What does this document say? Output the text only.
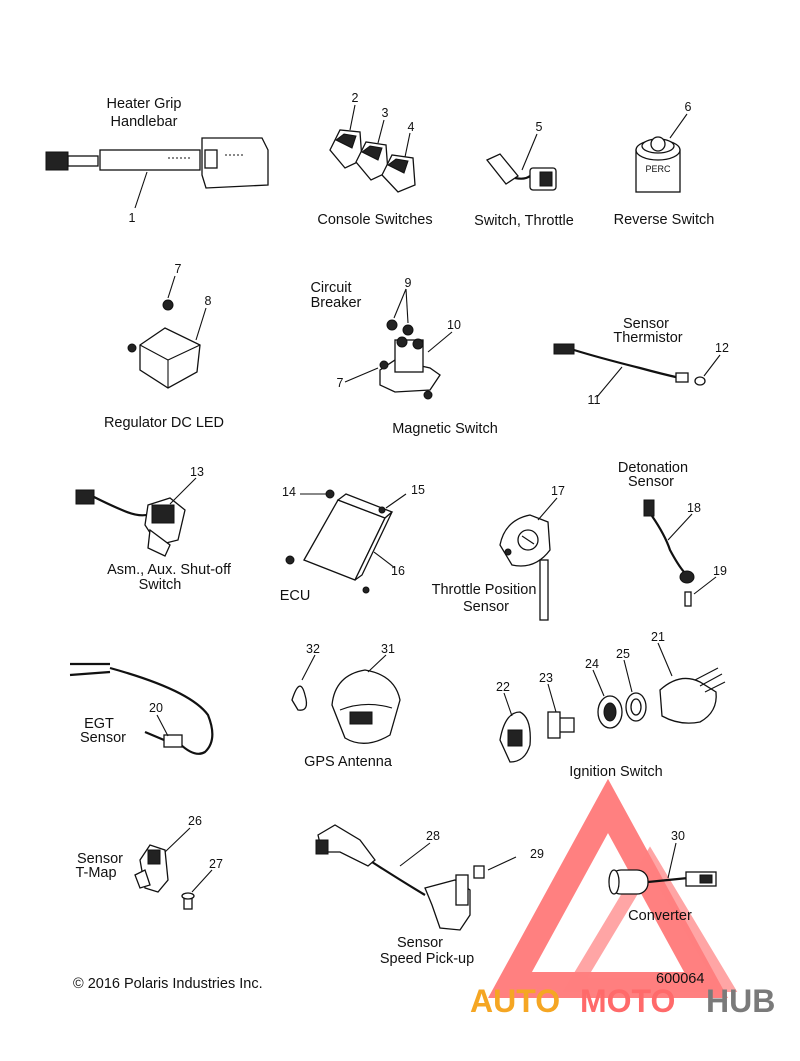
Heater Grip
Handlebar
1
2
3
4
Console Switches
5
Switch, Throttle
PERC
6
Reverse Switch
7
8
Regulator DC LED
9
10
7
Circuit
Breaker
Magnetic Switch
11
12
Sensor
Thermistor
13
Asm., Aux. Shut-off
Switch
14	15
16
ECU
17
Throttle Position
Sensor
18
19
Detonation
Sensor
20
EGT
Sensor
32	31
GPS Antenna
22
23
24
25
21
Ignition Switch
26
27
Sensor
T-Map
28
29
Sensor
Speed Pick-up
30
Converter
© 2016 Polaris Industries Inc.	600064
AUTO MOTO HUB
